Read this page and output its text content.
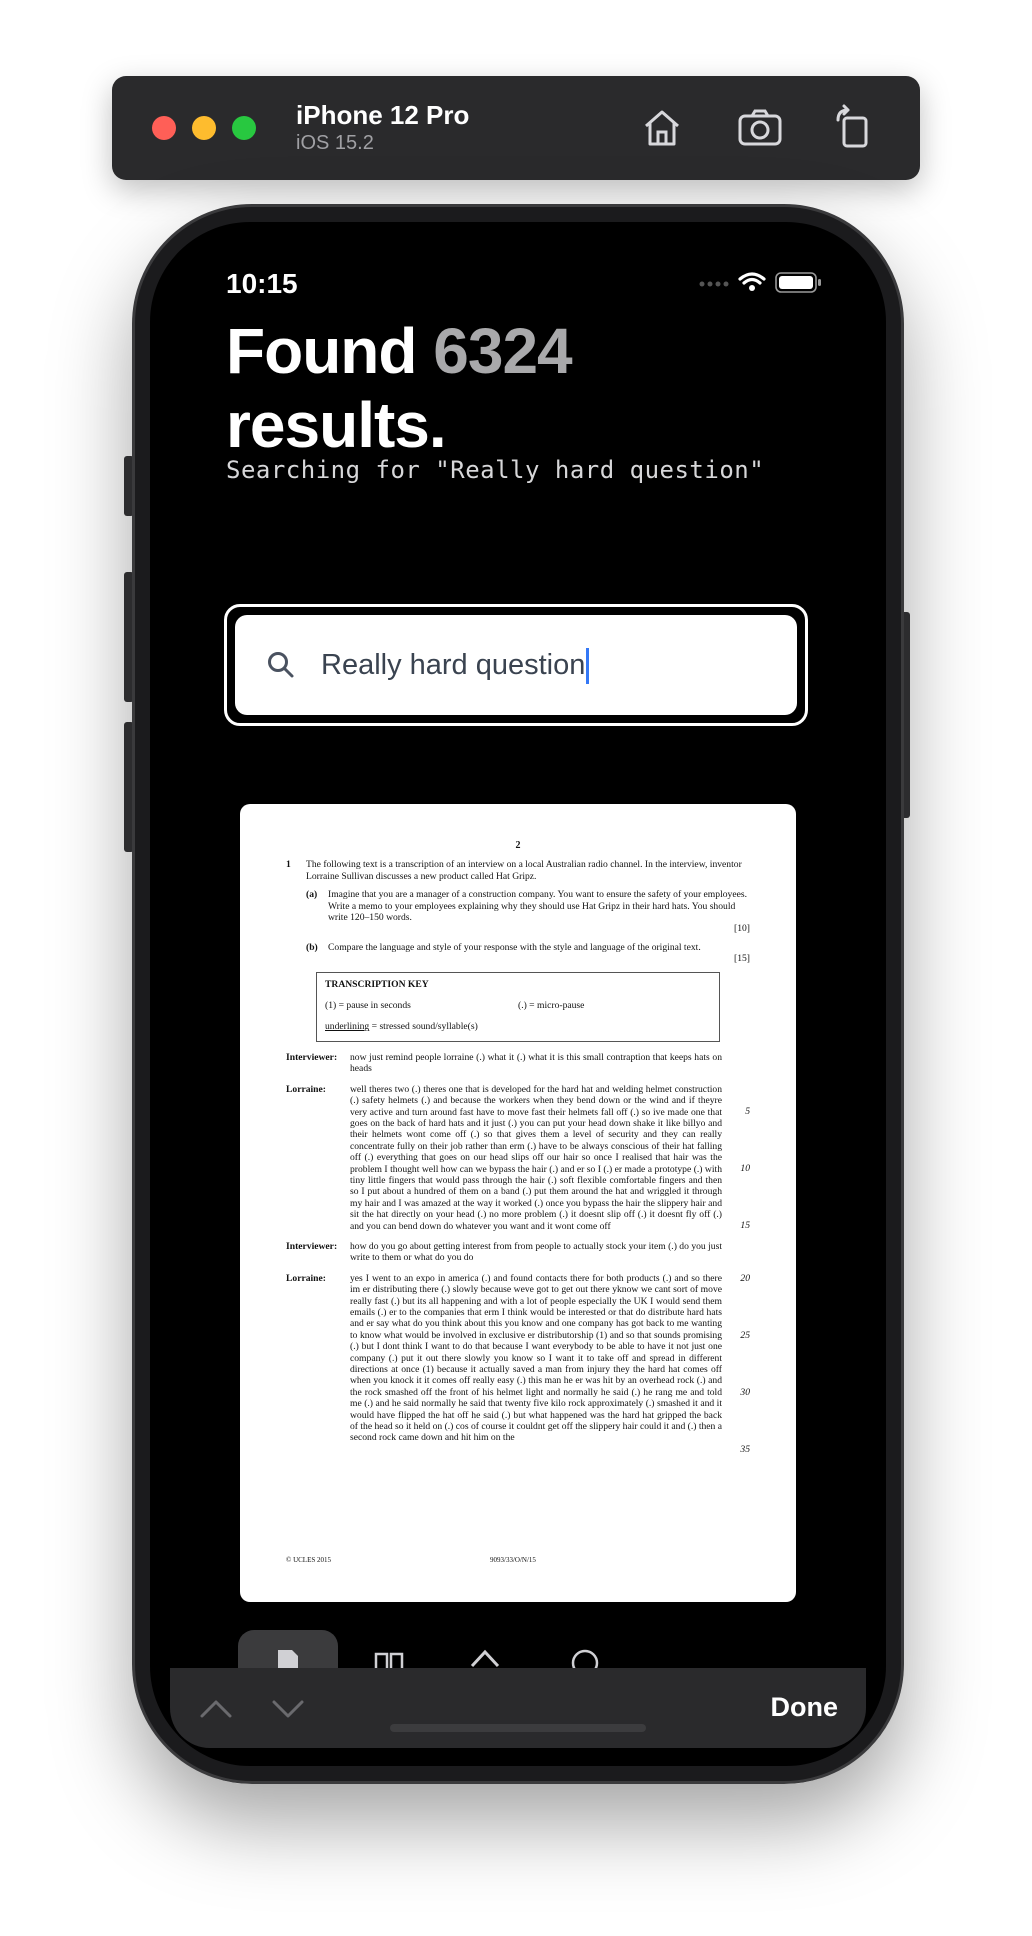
iPhone 12 Pro
iOS 15.2
10:15
Found 6324
results.
Searching for "Really hard question"
Really hard question
2
1	The following text is a transcription of an interview on a local Australian radio channel. In the interview, inventor Lorraine Sullivan discusses a new product called Hat Gripz.
(a)	Imagine that you are a manager of a construction company. You want to ensure the safety of your employees. Write a memo to your employees explaining why they should use Hat Gripz in their hard hats. You should write 120–150 words.
[10]
(b)	Compare the language and style of your response with the style and language of the original text.
[15]
TRANSCRIPTION KEY
(1) = pause in seconds	(.) = micro-pause
underlining = stressed sound/syllable(s)
Interviewer:	now just remind people lorraine (.) what it (.) what it is this small contraption that keeps hats on heads
Lorraine:	well theres two (.) theres one that is developed for the hard hat and welding helmet construction (.) safety helmets (.) and because the workers when they bend down or the wind and if theyre very active and turn around fast have to move fast their helmets fall off (.) so ive made one that goes on the back of hard hats and it just (.) you can put your head down shake it like billyo and their helmets wont come off (.) so that gives them a level of security and they can really concentrate fully on their job rather than erm (.) have to be always conscious of their hat falling off (.) everything that goes on our head slips off our hair so once I realised that hair was the problem I thought well how can we bypass the hair (.) and er so I (.) er made a prototype (.) with tiny little fingers that would pass through the hair (.) soft flexible comfortable fingers and then so I put about a hundred of them on a band (.) put them around the hat and wriggled it through my hair and I was amazed at the way it worked (.) once you bypass the hair the slippery hair and sit the hat directly on your head (.) no more problem (.) it doesnt slip off (.) it doesnt fly off (.) and you can bend down do whatever you want and it wont come off
5
10
15
Interviewer:	how do you go about getting interest from from people to actually stock your item (.) do you just write to them or what do you do
Lorraine:	yes I went to an expo in america (.) and found contacts there for both products (.) and so there im er distributing there (.) slowly because weve got to get out there yknow we cant sort of move really fast (.) but its all happening and with a lot of people especially the UK I would send them emails (.) er to the companies that erm I think would be interested or that do distribute hard hats and er say what do you think about this you know and one company has got back to me wanting to know what would be involved in exclusive er distributorship (1) and so that sounds promising (.) but I dont think I want to do that because I want everybody to be able to have it not just one company (.) put it out there slowly you know so I want it to take off and spread in different directions at once (1) because it actually saved a man from injury they the hard hat comes off when you knock it it comes off really easy (.) this man he er was hit by an overhead rock (.) and the rock smashed off the front of his helmet light and normally he said (.) he rang me and told me (.) and he said normally he said that twenty five kilo rock approximately (.) smashed it and it would have flipped the hat off he said (.) but what happened was the hard hat gripped the back of the head so it held on (.) cos of course it couldnt get off the slippery hair could it and (.) then a second rock came down and hit him on the
20
25
30
35
© UCLES 2015	9093/33/O/N/15
Done
